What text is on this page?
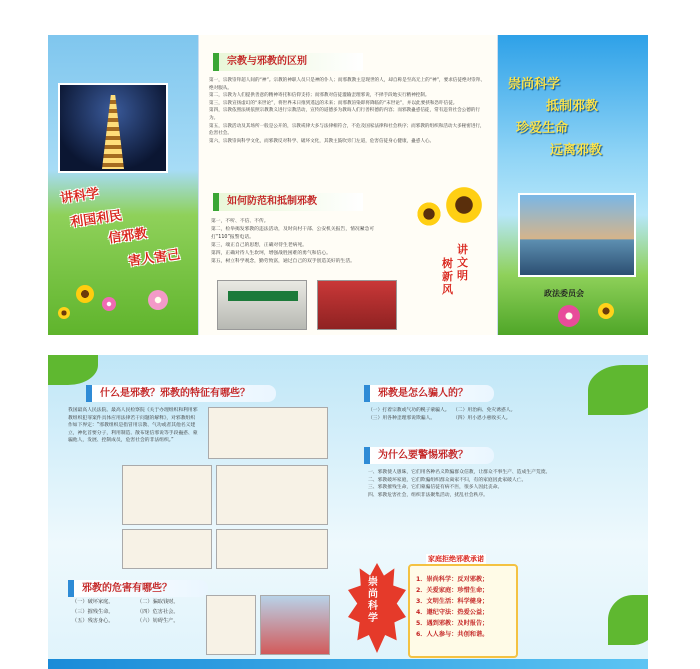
讲科学
利国利民
信邪教
害人害己
宗教与邪教的区别

第一，宗教崇拜超人间的“神”。宗教的神职人员只是神的仆人；而邪教教主是现世的人，却自称是至高无上的“神”，要求信徒绝对崇拜、绝对服从。

第二，宗教为人们提供善意的精神寄托和信仰支持；而邪教对信徒灌输歪理邪说，不择手段地实行精神控制。

第三，宗教宣扬虚幻的“来世论”，将世界末日推到遥远的未来；而邪教渲染即将降临的“末世论”，并以此要挟和恐吓信徒。

第四，宗教依照法规依照宗教教义进行宗教活动，宣传的道德多为教诲人们行善积德的内容；而邪教蛊惑信徒，常有违背社会公德的行为。

第五，宗教活动及其场所一般是公开的，宗教戒律大多与法律相符合，不危及国家法律和社会秩序；而邪教的组织和活动大多秘密进行，危害社会。

第六，宗教崇尚科学文化，而邪教反对科学、破坏文化，其教主鼓吹旁门左道，危害信徒身心健康，蛊惑人心。

如何防范和抵制邪教
第一，不听、不信、不传。
第二，检举揭发邪教的违法活动，及时向村干部、公安机关报告，情况紧急可打“110”报警电话。
第三，端正自己的思想，正确对待生老病死。
第四，正确对待人生坎坷，增强战胜困难的勇气和信心。
第五，树立科学观念，勤劳致富，通过自己的双手创造美好的生活。
讲文明
树新风
崇尚科学
抵制邪教
珍爱生命
远离邪教
政法委员会
什么是邪教？邪教的特征有哪些？
我国最高人民法院、最高人民检察院《关于办理组织和利用邪教组织犯罪案件具体应用法律若干问题的解释》，对邪教组织作如下界定：“邪教组织是指冒用宗教、气功或者其他名义建立，神化首要分子，利用制造、散布迷信邪说等手段蛊惑、蒙骗他人，发展、控制成员，危害社会的非法组织。”
邪教的危害有哪些？
（一）破坏家庭。	（二）骗取钱财。
（三）摧残生命。	（四）危害社会。
（五）残害身心。	（六）妨碍生产。
邪教是怎么骗人的？
（一）打着宗教或气功的幌子蒙骗人。 （二）用治病、免灾诱惑人。
（三）用各种歪理邪说欺骗人。	（四）用小恩小惠收买人。
为什么要警惕邪教？
一、邪教使人愚昧，它们用各种名义欺骗群众信教，让群众不事生产、造成生产荒废。
二、邪教破坏家庭，它们欺骗组织群众离家不归，有的家庭因此家破人亡。
三、邪教摧残生命，它们蒙骗信徒有病不医，很多人因此丧命。
四、邪教危害社会，组织非法聚集活动，扰乱社会秩序。
崇尚科学
1．崇尚科学：反对邪教；
2．关爱家庭：珍惜生命；
3．文明生活：科学健身；
4．遵纪守法：热爱公益；
5．遇到邪教：及时报告；
6．人人参与：共创和谐。
家庭拒绝邪教承诺
